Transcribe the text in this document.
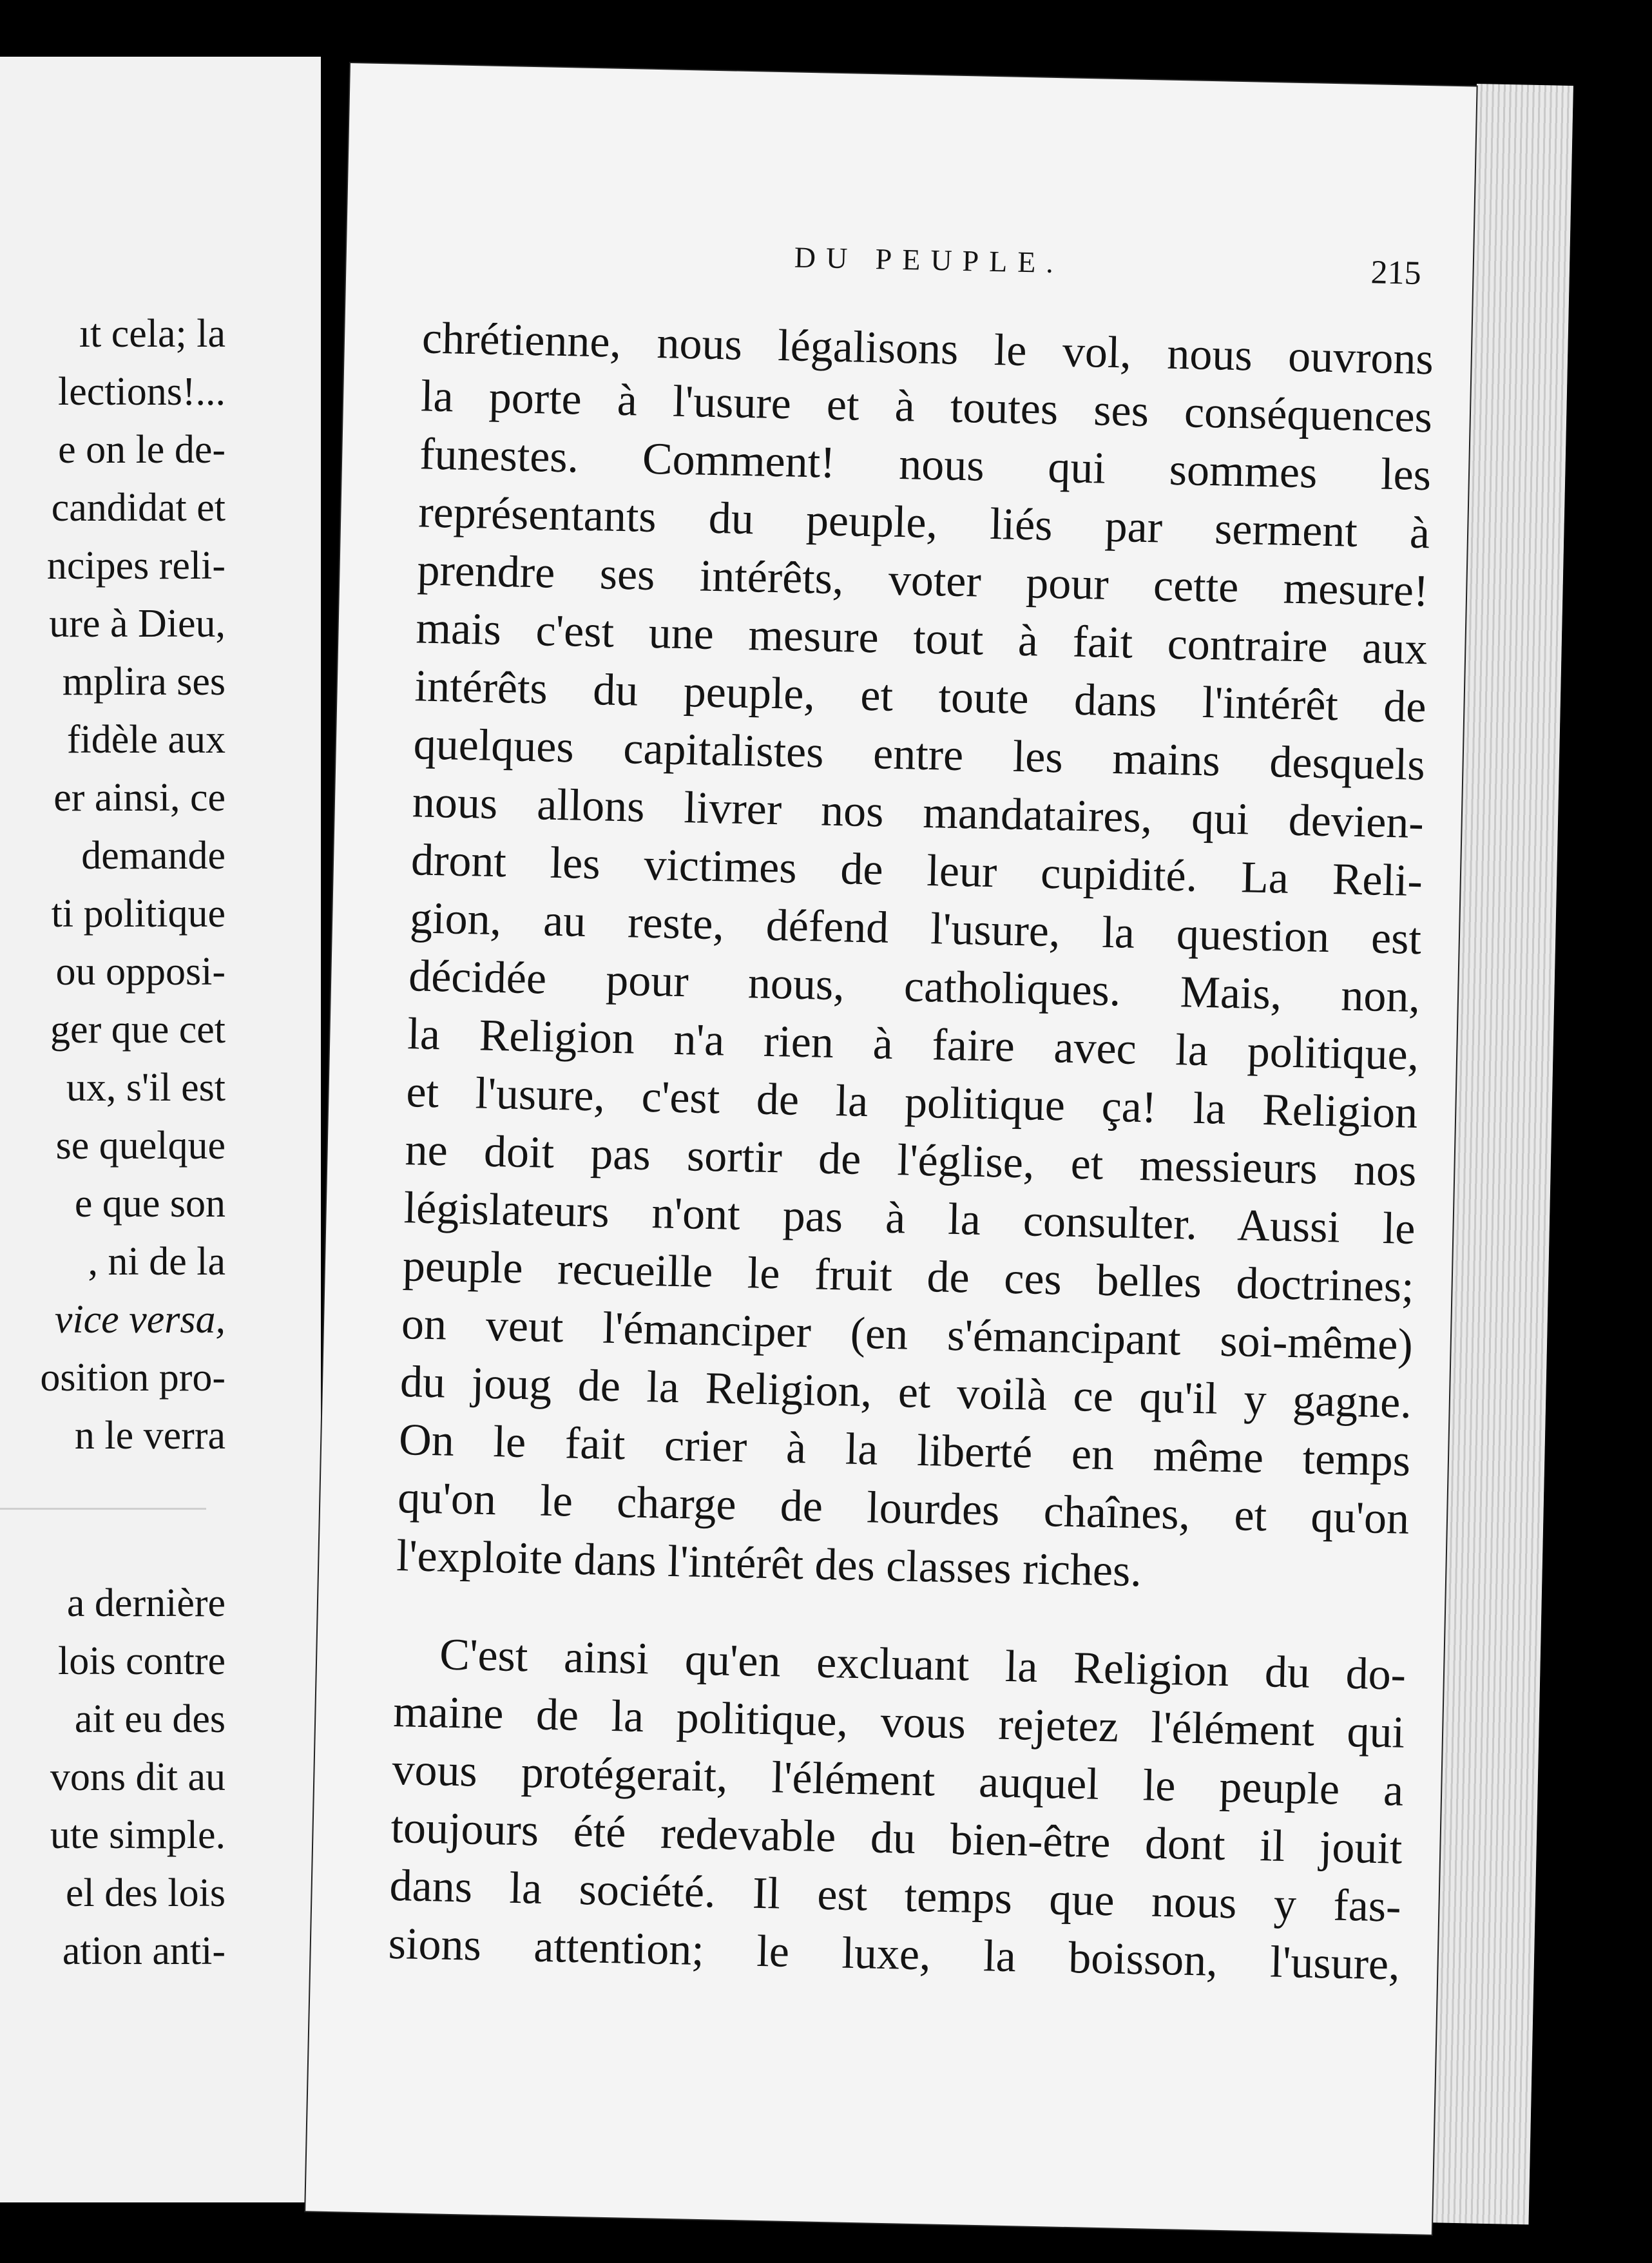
ıt cela; la
lections!...
e on le de-
candidat et
ncipes reli-
ure à Dieu,
mplira ses
fidèle aux
er ainsi, ce
demande
ti politique
ou opposi-
ger que cet
ux, s'il est
se quelque
e que son
, ni de la
vice versa,
osition pro-
n le verra
a dernière
lois contre
ait eu des
vons dit au
ute simple.
el des lois
ation anti-
DU PEUPLE.	215
chrétienne, nous légalisons le vol, nous ouvrons
la porte à l'usure et à toutes ses conséquences
funestes. Comment! nous qui sommes les
représentants du peuple, liés par serment à
prendre ses intérêts, voter pour cette mesure!
mais c'est une mesure tout à fait contraire aux
intérêts du peuple, et toute dans l'intérêt de
quelques capitalistes entre les mains desquels
nous allons livrer nos mandataires, qui devien-
dront les victimes de leur cupidité. La Reli-
gion, au reste, défend l'usure, la question est
décidée pour nous, catholiques. Mais, non,
la Religion n'a rien à faire avec la politique,
et l'usure, c'est de la politique ça! la Religion
ne doit pas sortir de l'église, et messieurs nos
législateurs n'ont pas à la consulter. Aussi le
peuple recueille le fruit de ces belles doctrines;
on veut l'émanciper (en s'émancipant soi-même)
du joug de la Religion, et voilà ce qu'il y gagne.
On le fait crier à la liberté en même temps
qu'on le charge de lourdes chaînes, et qu'on
l'exploite dans l'intérêt des classes riches.
C'est ainsi qu'en excluant la Religion du do-
maine de la politique, vous rejetez l'élément qui
vous protégerait, l'élément auquel le peuple a
toujours été redevable du bien-être dont il jouit
dans la société. Il est temps que nous y fas-
sions attention; le luxe, la boisson, l'usure,
